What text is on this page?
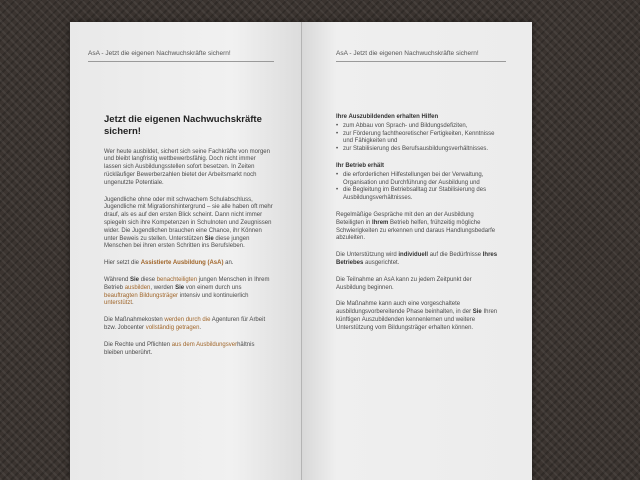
AsA - Jetzt die eigenen Nachwuchskräfte sichern!
Jetzt die eigenen Nachwuchskräfte sichern!
Wer heute ausbildet, sichert sich seine Fachkräfte von morgen und bleibt langfristig wettbewerbsfähig. Doch nicht immer lassen sich Ausbildungsstellen sofort besetzen. In Zeiten rückläufiger Bewerberzahlen bietet der Arbeitsmarkt noch ungenutzte Potentiale.
Jugendliche ohne oder mit schwachem Schulabschluss, Jugendliche mit Migrationshintergrund – sie alle haben oft mehr drauf, als es auf den ersten Blick scheint. Dann nicht immer spiegeln sich ihre Kompetenzen in Schulnoten und Zeugnissen wider. Die Jugendlichen brauchen eine Chance, ihr Können unter Beweis zu stellen. Unterstützen Sie diese jungen Menschen bei ihren ersten Schritten ins Berufsleben.
Hier setzt die Assistierte Ausbildung (AsA) an.
Während Sie diese benachteiligten jungen Menschen in Ihrem Betrieb ausbilden, werden Sie von einem durch uns beauftragten Bildungsträger intensiv und kontinuierlich unterstützt.
Die Maßnahmekosten werden durch die Agenturen für Arbeit bzw. Jobcenter vollständig getragen.
Die Rechte und Pflichten aus dem Ausbildungsverhältnis bleiben unberührt.
AsA - Jetzt die eigenen Nachwuchskräfte sichern!
Ihre Auszubildenden erhalten Hilfen
• zum Abbau von Sprach- und Bildungsdefiziten,
• zur Förderung fachtheoretischer Fertigkeiten, Kenntnisse und Fähigkeiten und
• zur Stabilisierung des Berufsausbildungsverhältnisses.
Ihr Betrieb erhält
• die erforderlichen Hilfestellungen bei der Verwaltung, Organisation und Durchführung der Ausbildung und
• die Begleitung im Betriebsalltag zur Stabilisierung des Ausbildungsverhältnisses.
Regelmäßige Gespräche mit den an der Ausbildung Beteiligten in Ihrem Betrieb helfen, frühzeitig mögliche Schwierigkeiten zu erkennen und daraus Handlungsbedarfe abzuleiten.
Die Unterstützung wird individuell auf die Bedürfnisse Ihres Betriebes ausgerichtet.
Die Teilnahme an AsA kann zu jedem Zeitpunkt der Ausbildung beginnen.
Die Maßnahme kann auch eine vorgeschaltete ausbildungsvorbereitende Phase beinhalten, in der Sie Ihren künftigen Auszubildenden kennenlernen und weitere Unterstützung vom Bildungsträger erhalten können.
